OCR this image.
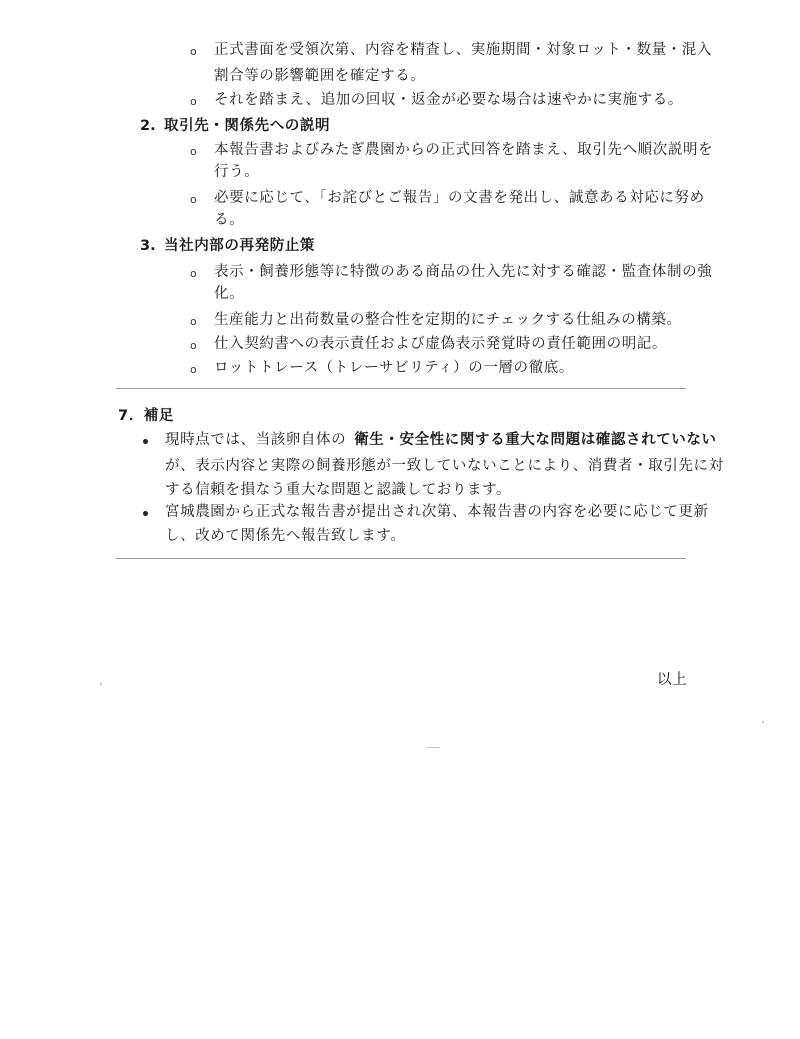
o 正式書面を受領次第、内容を精査し、実施期間・対象ロット・数量・混入
割合等の影響範囲を確定する。
o それを踏まえ、追加の回収・返金が必要な場合は速やかに実施する。
2. 取引先・関係先への説明
o 本報告書およびみたぎ農園からの正式回答を踏まえ、取引先へ順次説明を
行う。
o 必要に応じて、「お詫びとご報告」の文書を発出し、誠意ある対応に努め
る。
3. 当社内部の再発防止策
o 表示・飼養形態等に特徴のある商品の仕入先に対する確認・監査体制の強
化。
o 生産能力と出荷数量の整合性を定期的にチェックする仕組みの構築。
o 仕入契約書への表示責任および虚偽表示発覚時の責任範囲の明記。
o ロットトレース（トレーサビリティ）の一層の徹底。
7．補足
現時点では、当該卵自体の 衛生・安全性に関する重大な問題は確認されていない
が、表示内容と実際の飼養形態が一致していないことにより、消費者・取引先に対
する信頼を損なう重大な問題と認識しております。
宮城農園から正式な報告書が提出され次第、本報告書の内容を必要に応じて更新
し、改めて関係先へ報告致します。
以上
